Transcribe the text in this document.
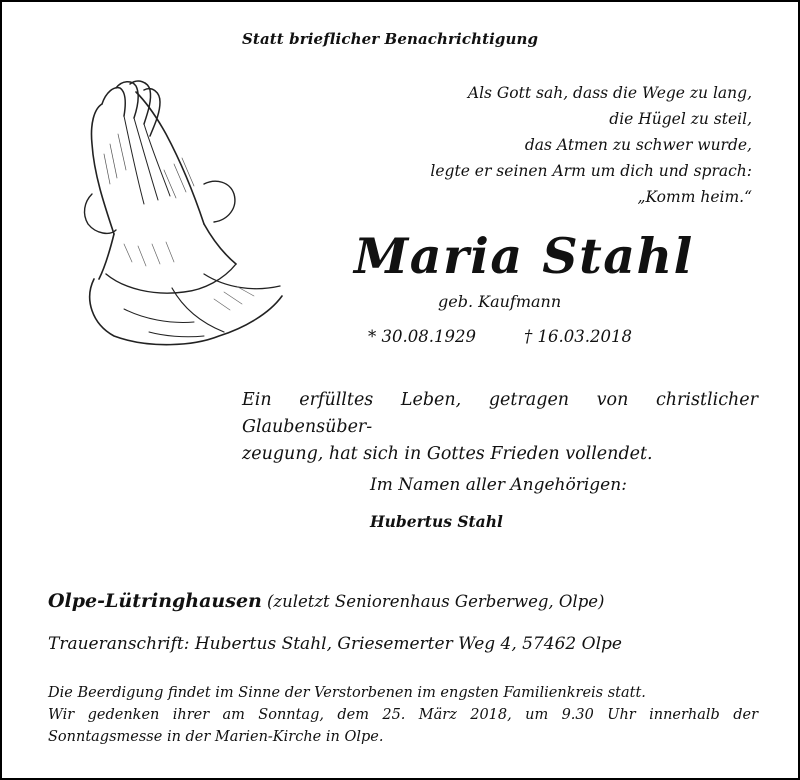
Statt brieflicher Benachrichtigung
Als Gott sah, dass die Wege zu lang,
die Hügel zu steil,
das Atmen zu schwer wurde,
legte er seinen Arm um dich und sprach:
„Komm heim.“
Maria Stahl
geb. Kaufmann
* 30.08.1929	† 16.03.2018
Ein erfülltes Leben, getragen von christlicher Glaubensüber-
zeugung, hat sich in Gottes Frieden vollendet.
Im Namen aller Angehörigen:
Hubertus Stahl
Olpe-Lütringhausen (zuletzt Seniorenhaus Gerberweg, Olpe)
Traueranschrift: Hubertus Stahl, Griesemerter Weg 4, 57462 Olpe
Die Beerdigung findet im Sinne der Verstorbenen im engsten Familienkreis statt.
Wir gedenken ihrer am Sonntag, dem 25. März 2018, um 9.30 Uhr innerhalb der
Sonntagsmesse in der Marien-Kirche in Olpe.
